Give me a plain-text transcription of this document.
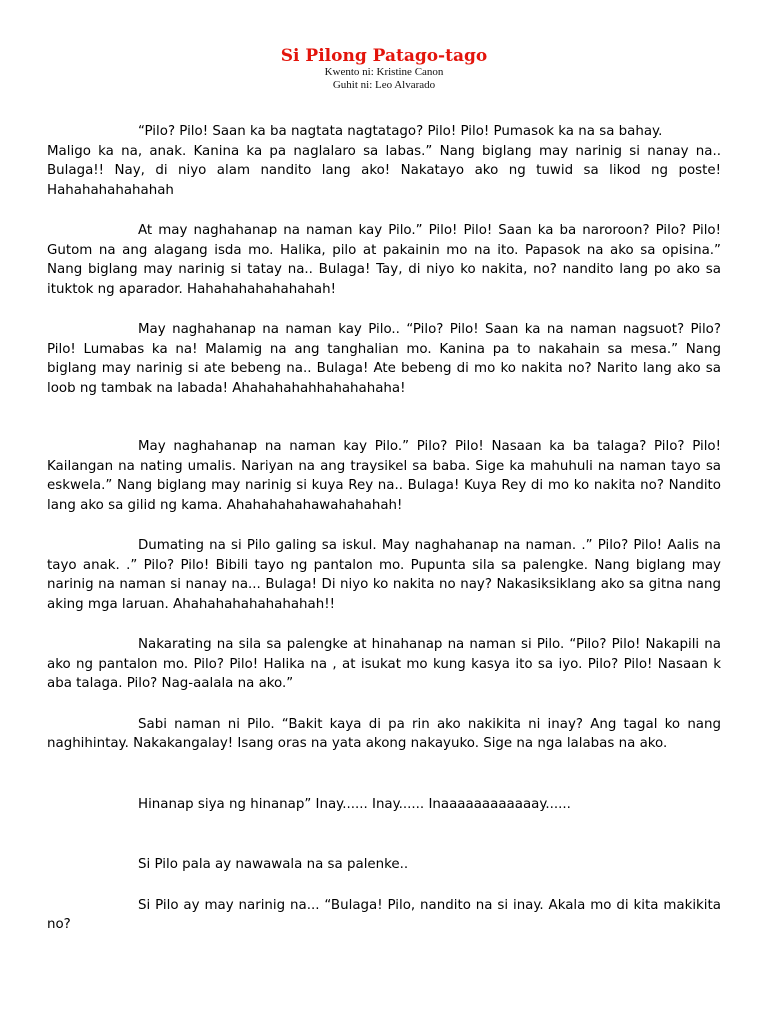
Si Pilong Patago-tago

Kwento ni: Kristine Canon

Guhit ni: Leo Alvarado

“Pilo? Pilo! Saan ka ba nagtata nagtatago? Pilo! Pilo! Pumasok ka na sa bahay.

Maligo ka na, anak. Kanina ka pa naglalaro sa labas.” Nang biglang may narinig si nanay na.. Bulaga!! Nay, di niyo alam nandito lang ako! Nakatayo ako ng tuwid sa likod ng poste! Hahahahahahahah

At may naghahanap na naman kay Pilo.” Pilo! Pilo! Saan ka ba naroroon? Pilo? Pilo! Gutom na ang alagang isda mo. Halika, pilo at pakainin mo na ito. Papasok na ako sa opisina.” Nang biglang may narinig si tatay na.. Bulaga! Tay, di niyo ko nakita, no? nandito lang po ako sa ituktok ng aparador. Hahahahahahahahah!

May naghahanap na naman kay Pilo.. “Pilo? Pilo! Saan ka na naman nagsuot? Pilo? Pilo! Lumabas ka na! Malamig na ang tanghalian mo. Kanina pa to nakahain sa mesa.” Nang biglang may narinig si ate bebeng na.. Bulaga! Ate bebeng di mo ko nakita no? Narito lang ako sa loob ng tambak na labada! Ahahahahahhahahahaha!

May naghahanap na naman kay Pilo.” Pilo? Pilo! Nasaan ka ba talaga? Pilo? Pilo! Kailangan na nating umalis. Nariyan na ang traysikel sa baba. Sige ka mahuhuli na naman tayo sa eskwela.” Nang biglang may narinig si kuya Rey na.. Bulaga! Kuya Rey di mo ko nakita no? Nandito lang ako sa gilid ng kama. Ahahahahahawahahahah!

Dumating na si Pilo galing sa iskul. May naghahanap na naman. .” Pilo? Pilo! Aalis na tayo anak. .” Pilo? Pilo! Bibili tayo ng pantalon mo. Pupunta sila sa palengke. Nang biglang may narinig na naman si nanay na... Bulaga! Di niyo ko nakita no nay? Nakasiksiklang ako sa gitna nang aking mga laruan. Ahahahahahahahahah!!

Nakarating na sila sa palengke at hinahanap na naman si Pilo. “Pilo? Pilo! Nakapili na ako ng pantalon mo. Pilo? Pilo! Halika na , at isukat mo kung kasya ito sa iyo. Pilo? Pilo! Nasaan k aba talaga. Pilo? Nag-aalala na ako.”

Sabi naman ni Pilo. “Bakit kaya di pa rin ako nakikita ni inay? Ang tagal ko nang naghihintay. Nakakangalay! Isang oras na yata akong nakayuko. Sige na nga lalabas na ako.

Hinanap siya ng hinanap” Inay...... Inay...... Inaaaaaaaaaaaay......

Si Pilo pala ay nawawala na sa palenke..

Si Pilo ay may narinig na... “Bulaga! Pilo, nandito na si inay. Akala mo di kita makikita no?
